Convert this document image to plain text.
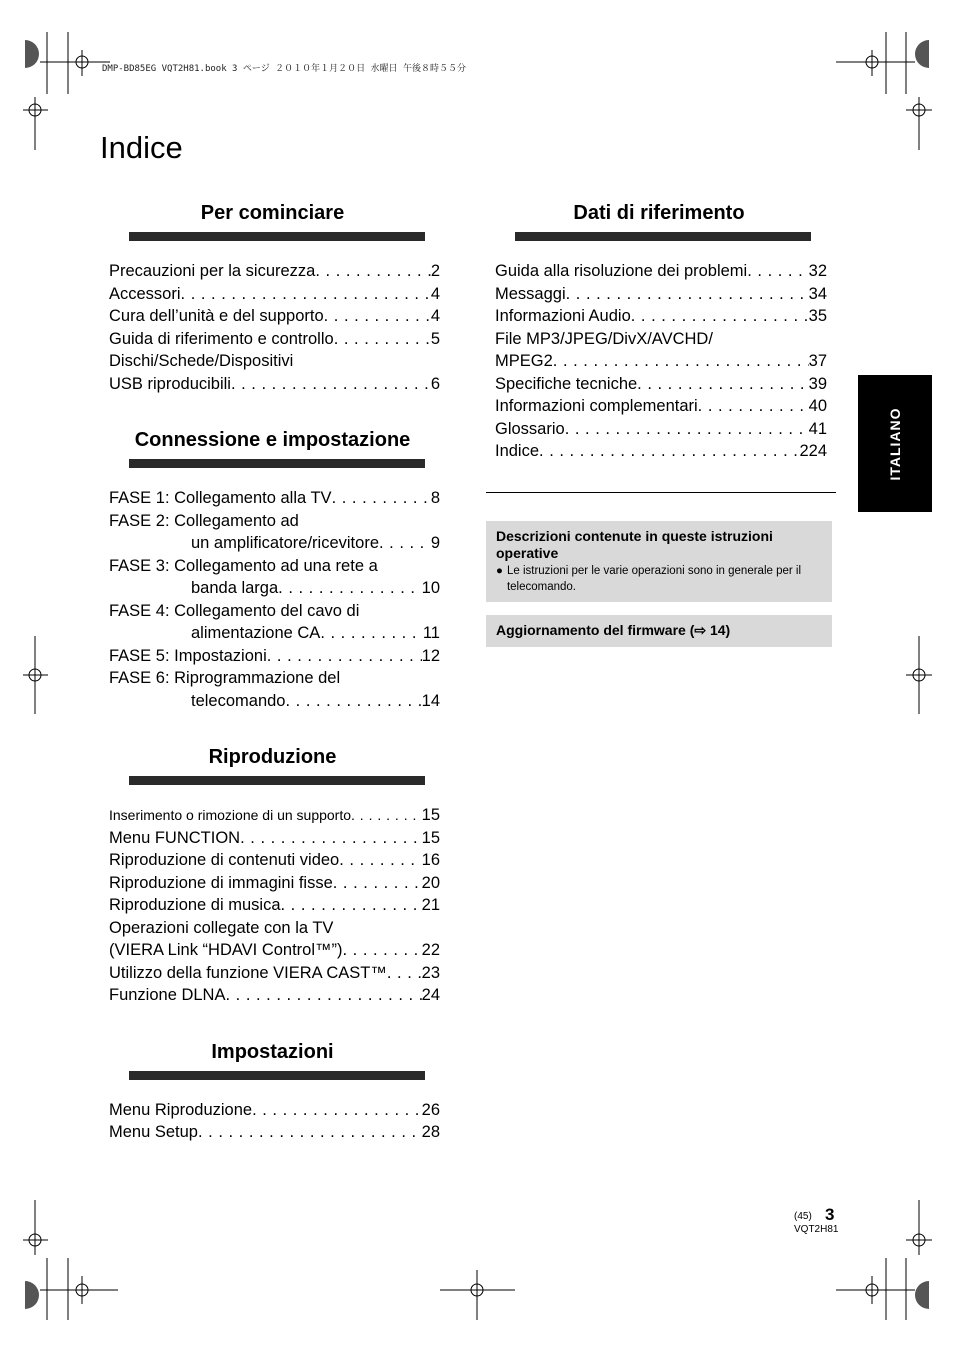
DMP-BD85EG VQT2H81.book 3 ページ ２０１０年１月２０日 水曜日 午後８時５５分
Indice
Per cominciare
Precauzioni per la sicurezza . . .	2
Accessori . . .	4
Cura dell’unità e del supporto . . .	4
Guida di riferimento e controllo . . .	5
Dischi/Schede/Dispositivi
USB riproducibili . . .	6
Connessione e impostazione
FASE 1: Collegamento alla TV . . .	8
FASE 2: Collegamento ad
un amplificatore/ricevitore . . .	9
FASE 3: Collegamento ad una rete a
banda larga . . .	10
FASE 4: Collegamento del cavo di
alimentazione CA . . .	11
FASE 5: Impostazioni . . .	12
FASE 6: Riprogrammazione del
telecomando . . .	14
Riproduzione
Inserimento o rimozione di un supporto . . .	15
Menu FUNCTION . . .	15
Riproduzione di contenuti video . . .	16
Riproduzione di immagini fisse . . .	20
Riproduzione di musica . . .	21
Operazioni collegate con la TV
(VIERA Link “HDAVI Control™”) . . .	22
Utilizzo della funzione VIERA CAST™ . . . 23
Funzione DLNA . . .	24
Impostazioni
Menu Riproduzione . . .	26
Menu Setup . . .	28
Dati di riferimento
Guida alla risoluzione dei problemi . . .	32
Messaggi . . .	34
Informazioni Audio . . .	35
File MP3/JPEG/DivX/AVCHD/
MPEG2 . . .	37
Specifiche tecniche . . .	39
Informazioni complementari . . .	40
Glossario . . .	41
Indice . . .	224
Descrizioni contenute in queste istruzioni operative
● Le istruzioni per le varie operazioni sono in generale per il telecomando.
Aggiornamento del firmware (⇨ 14)
ITALIANO
(45) 3
VQT2H81
